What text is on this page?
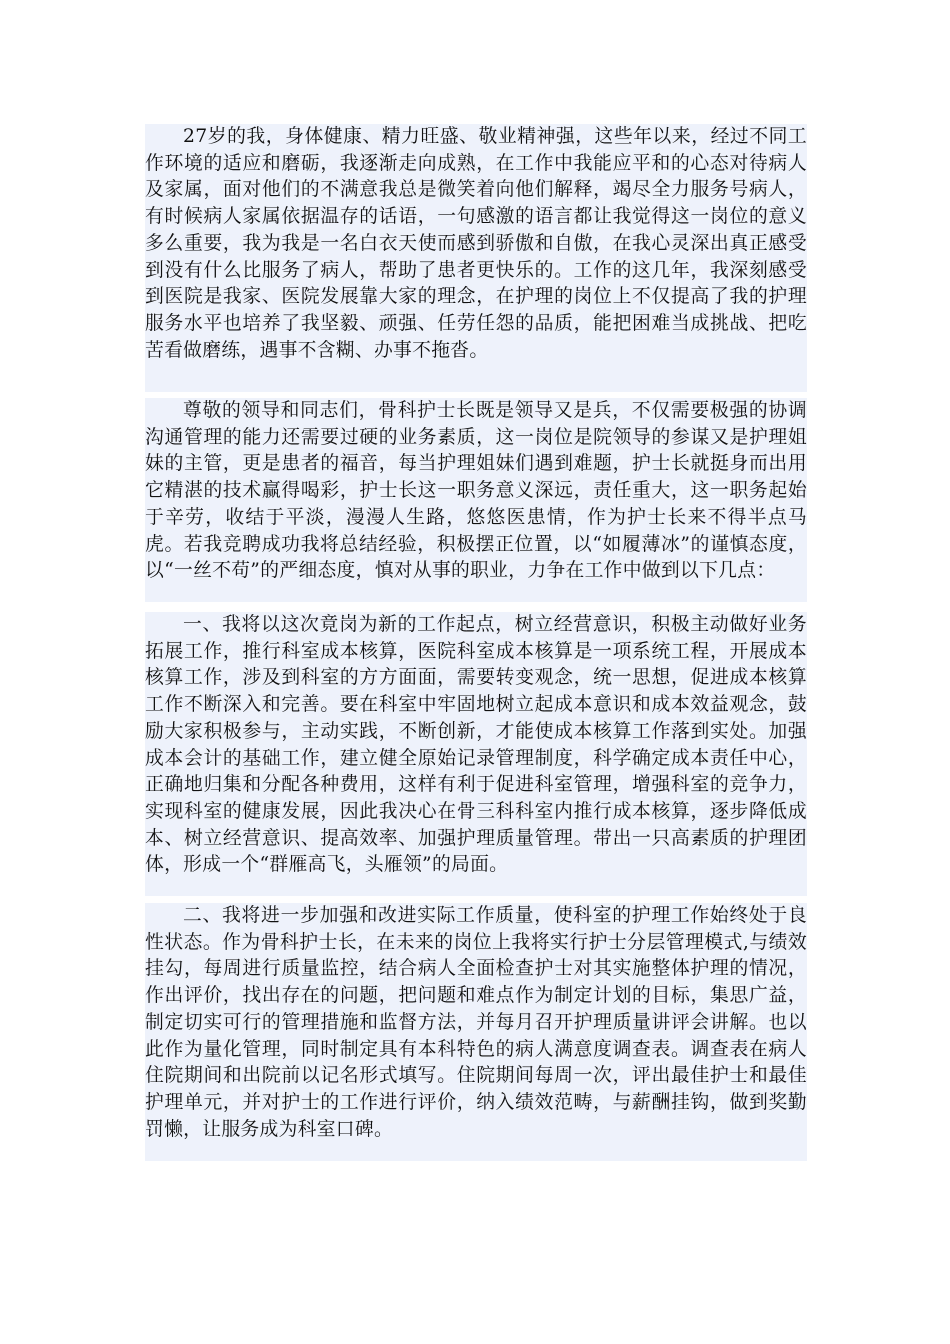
27岁的我，身体健康、精力旺盛、敬业精神强，这些年以来，经过不同工作环境的适应和磨砺，我逐渐走向成熟，在工作中我能应平和的心态对待病人及家属，面对他们的不满意我总是微笑着向他们解释，竭尽全力服务号病人，有时候病人家属依据温存的话语，一句感激的语言都让我觉得这一岗位的意义多么重要，我为我是一名白衣天使而感到骄傲和自傲，在我心灵深出真正感受到没有什么比服务了病人，帮助了患者更快乐的。工作的这几年，我深刻感受到医院是我家、医院发展靠大家的理念，在护理的岗位上不仅提高了我的护理服务水平也培养了我坚毅、顽强、任劳任怨的品质，能把困难当成挑战、把吃苦看做磨练，遇事不含糊、办事不拖沓。

尊敬的领导和同志们，骨科护士长既是领导又是兵，不仅需要极强的协调沟通管理的能力还需要过硬的业务素质，这一岗位是院领导的参谋又是护理姐妹的主管，更是患者的福音，每当护理姐妹们遇到难题，护士长就挺身而出用它精湛的技术赢得喝彩，护士长这一职务意义深远，责任重大，这一职务起始于辛劳，收结于平淡，漫漫人生路，悠悠医患情，作为护士长来不得半点马虎。若我竞聘成功我将总结经验，积极摆正位置，以“如履薄冰”的谨慎态度，以“一丝不苟”的严细态度，慎对从事的职业，力争在工作中做到以下几点：

一、我将以这次竟岗为新的工作起点，树立经营意识，积极主动做好业务拓展工作，推行科室成本核算，医院科室成本核算是一项系统工程，开展成本核算工作，涉及到科室的方方面面，需要转变观念，统一思想，促进成本核算工作不断深入和完善。要在科室中牢固地树立起成本意识和成本效益观念，鼓励大家积极参与，主动实践，不断创新，才能使成本核算工作落到实处。加强成本会计的基础工作，建立健全原始记录管理制度，科学确定成本责任中心，正确地归集和分配各种费用，这样有利于促进科室管理，增强科室的竞争力，实现科室的健康发展，因此我决心在骨三科科室内推行成本核算，逐步降低成本、树立经营意识、提高效率、加强护理质量管理。带出一只高素质的护理团体，形成一个“群雁高飞，头雁领”的局面。

二、我将进一步加强和改进实际工作质量，使科室的护理工作始终处于良性状态。作为骨科护士长，在未来的岗位上我将实行护士分层管理模式,与绩效挂勾，每周进行质量监控，结合病人全面检查护士对其实施整体护理的情况，作出评价，找出存在的问题，把问题和难点作为制定计划的目标，集思广益，制定切实可行的管理措施和监督方法，并每月召开护理质量讲评会讲解。也以此作为量化管理，同时制定具有本科特色的病人满意度调查表。调查表在病人住院期间和出院前以记名形式填写。住院期间每周一次，评出最佳护士和最佳护理单元，并对护士的工作进行评价，纳入绩效范畴，与薪酬挂钩，做到奖勤罚懒，让服务成为科室口碑。
